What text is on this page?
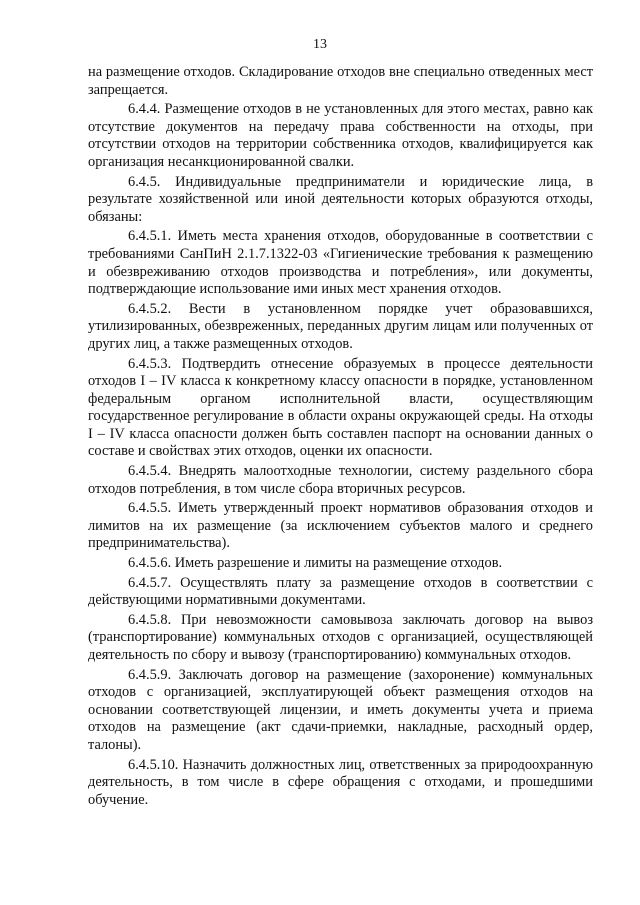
13

на размещение отходов. Складирование отходов вне специально отведенных мест запрещается.

6.4.4. Размещение отходов в не установленных для этого местах, равно как отсутствие документов на передачу права собственности на отходы, при отсутствии отходов на территории собственника отходов, квалифицируется как организация несанкционированной свалки.

6.4.5. Индивидуальные предприниматели и юридические лица, в результате хозяйственной или иной деятельности которых образуются отходы, обязаны:

6.4.5.1. Иметь места хранения отходов, оборудованные в соответствии с требованиями СанПиН 2.1.7.1322-03 «Гигиенические требования к размещению и обезвреживанию отходов производства и потребления», или документы, подтверждающие использование ими иных мест хранения отходов.

6.4.5.2. Вести в установленном порядке учет образовавшихся, утилизированных, обезвреженных, переданных другим лицам или полученных от других лиц, а также размещенных отходов.

6.4.5.3. Подтвердить отнесение образуемых в процессе деятельности отходов I – IV класса к конкретному классу опасности в порядке, установленном федеральным органом исполнительной власти, осуществляющим государственное регулирование в области охраны окружающей среды. На отходы I – IV класса опасности должен быть составлен паспорт на основании данных о составе и свойствах этих отходов, оценки их опасности.

6.4.5.4. Внедрять малоотходные технологии, систему раздельного сбора отходов потребления, в том числе сбора вторичных ресурсов.

6.4.5.5. Иметь утвержденный проект нормативов образования отходов и лимитов на их размещение (за исключением субъектов малого и среднего предпринимательства).

6.4.5.6. Иметь разрешение и лимиты на размещение отходов.

6.4.5.7. Осуществлять плату за размещение отходов в соответствии с действующими нормативными документами.

6.4.5.8. При невозможности самовывоза заключать договор на вывоз (транспортирование) коммунальных отходов с организацией, осуществляющей деятельность по сбору и вывозу (транспортированию) коммунальных отходов.

6.4.5.9. Заключать договор на размещение (захоронение) коммунальных отходов с организацией, эксплуатирующей объект размещения отходов на основании соответствующей лицензии, и иметь документы учета и приема отходов на размещение (акт сдачи-приемки, накладные, расходный ордер, талоны).

6.4.5.10. Назначить должностных лиц, ответственных за природоохранную деятельность, в том числе в сфере обращения с отходами, и прошедшими обучение.
